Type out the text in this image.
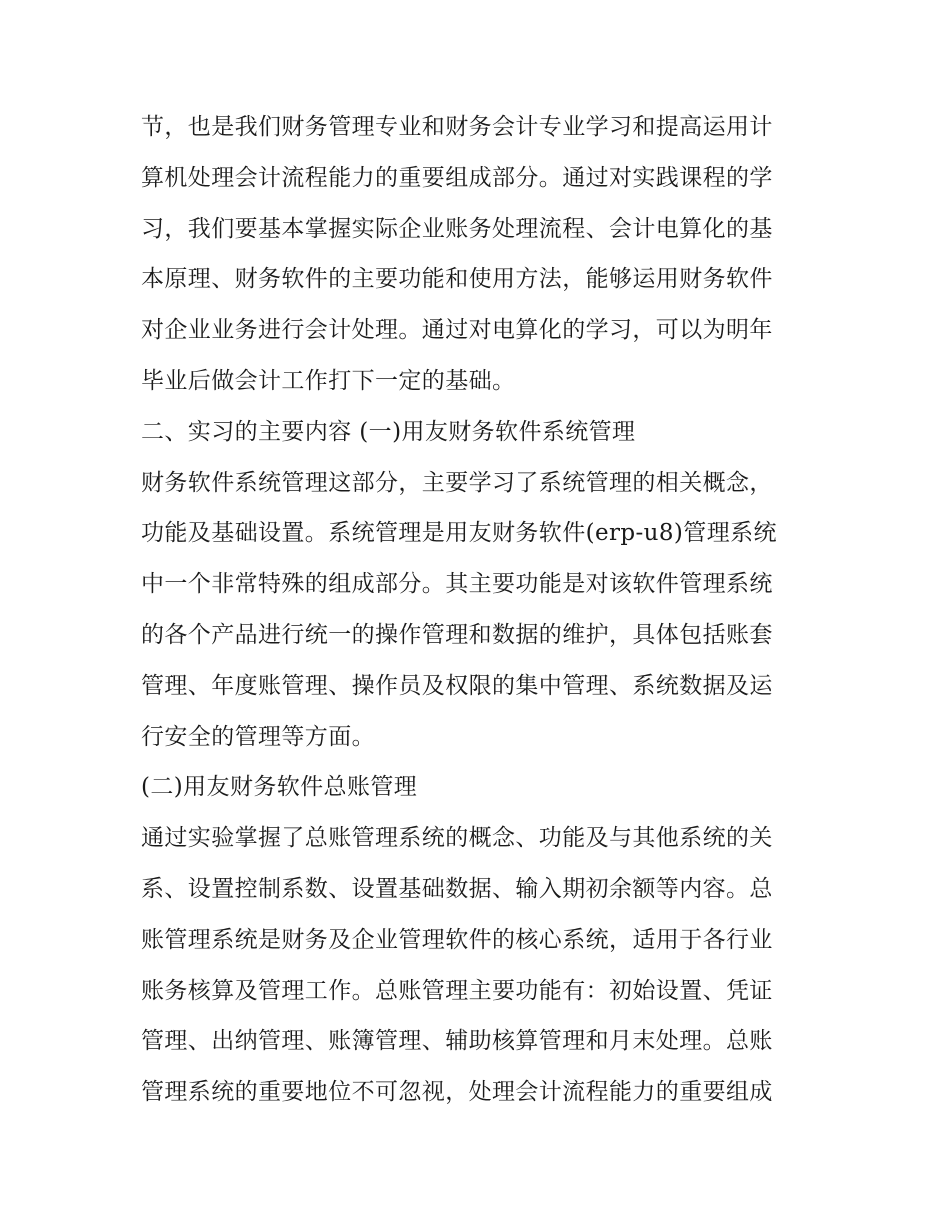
节，也是我们财务管理专业和财务会计专业学习和提高运用计
算机处理会计流程能力的重要组成部分。通过对实践课程的学
习，我们要基本掌握实际企业账务处理流程、会计电算化的基
本原理、财务软件的主要功能和使用方法，能够运用财务软件
对企业业务进行会计处理。通过对电算化的学习，可以为明年
毕业后做会计工作打下一定的基础。
二、实习的主要内容 (一)用友财务软件系统管理
财务软件系统管理这部分，主要学习了系统管理的相关概念，
功能及基础设置。系统管理是用友财务软件(erp-u8)管理系统
中一个非常特殊的组成部分。其主要功能是对该软件管理系统
的各个产品进行统一的操作管理和数据的维护，具体包括账套
管理、年度账管理、操作员及权限的集中管理、系统数据及运
行安全的管理等方面。
(二)用友财务软件总账管理
通过实验掌握了总账管理系统的概念、功能及与其他系统的关
系、设置控制系数、设置基础数据、输入期初余额等内容。总
账管理系统是财务及企业管理软件的核心系统，适用于各行业
账务核算及管理工作。总账管理主要功能有：初始设置、凭证
管理、出纳管理、账簿管理、辅助核算管理和月末处理。总账
管理系统的重要地位不可忽视，处理会计流程能力的重要组成
